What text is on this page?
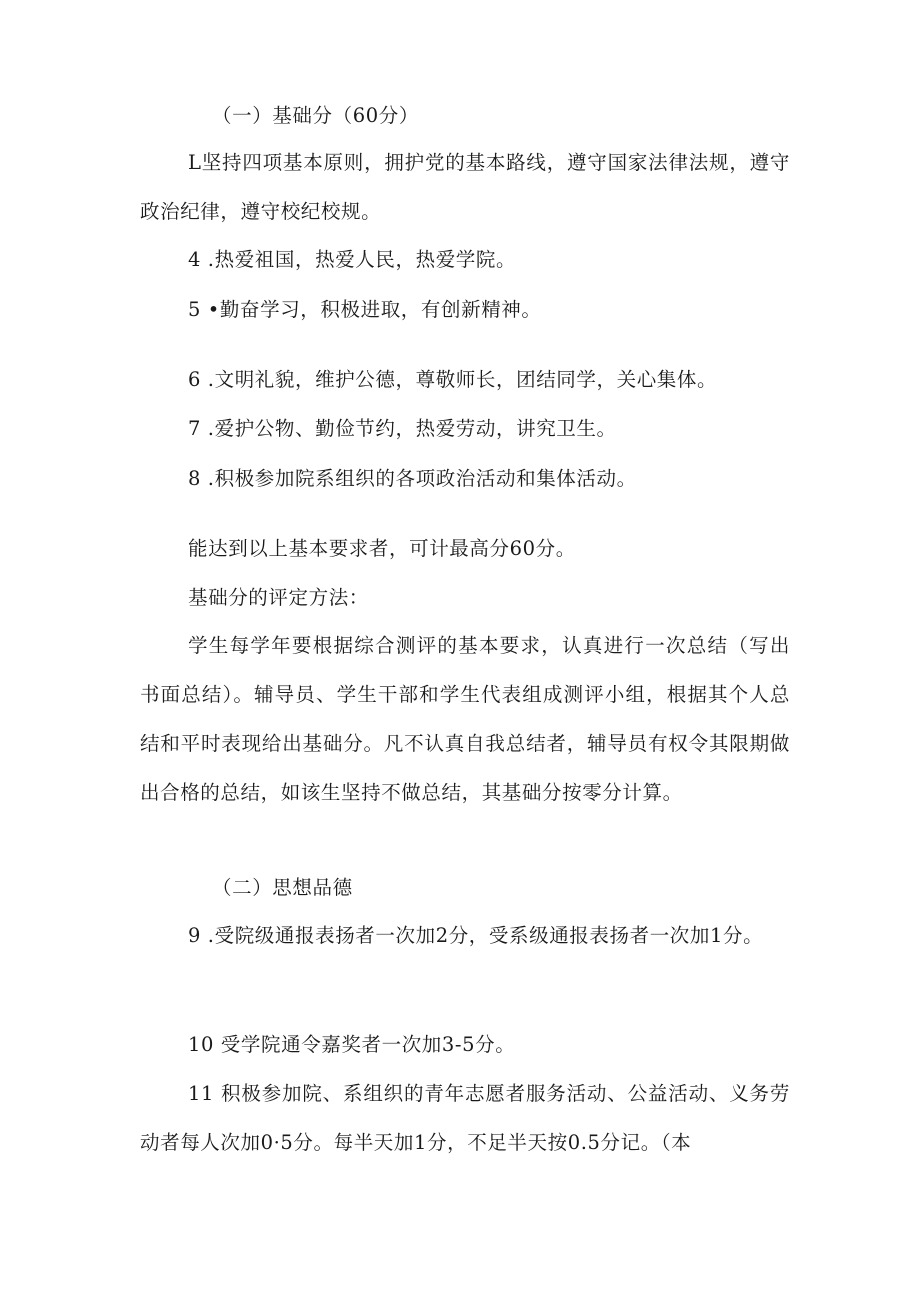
（一）基础分（60分）
L坚持四项基本原则，拥护党的基本路线，遵守国家法律法规，遵守政治纪律，遵守校纪校规。
4 .热爱祖国，热爱人民，热爱学院。
5 •勤奋学习，积极进取，有创新精神。
6 .文明礼貌，维护公德，尊敬师长，团结同学，关心集体。
7 .爱护公物、勤俭节约，热爱劳动，讲究卫生。
8 .积极参加院系组织的各项政治活动和集体活动。
能达到以上基本要求者，可计最高分60分。
基础分的评定方法：
学生每学年要根据综合测评的基本要求，认真进行一次总结（写出书面总结）。辅导员、学生干部和学生代表组成测评小组，根据其个人总结和平时表现给出基础分。凡不认真自我总结者，辅导员有权令其限期做出合格的总结，如该生坚持不做总结，其基础分按零分计算。
（二）思想品德
9 .受院级通报表扬者一次加2分，受系级通报表扬者一次加1分。
10 受学院通令嘉奖者一次加3-5分。
11 积极参加院、系组织的青年志愿者服务活动、公益活动、义务劳动者每人次加0·5分。每半天加1分，不足半天按0.5分记。（本
